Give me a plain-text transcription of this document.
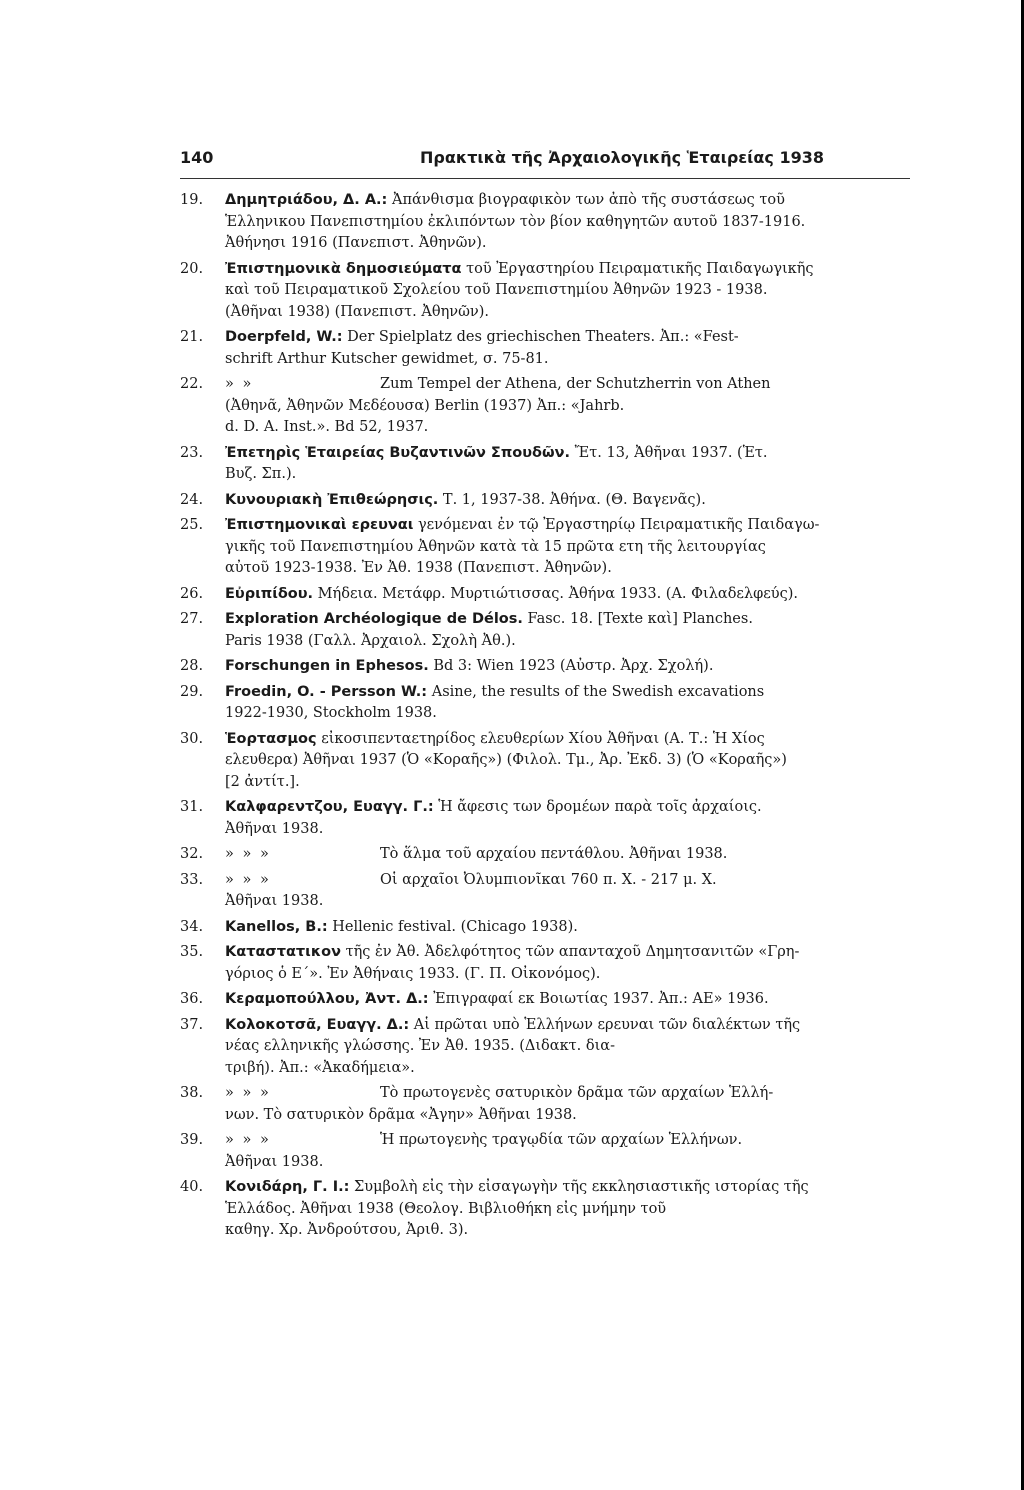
140	Πρακτικὰ τῆς Ἀρχαιολογικῆς Ἑταιρείας 1938
19.	Δημητριάδου, Δ. Α.: Ἀπάνθισμα βιογραφικὸν των ἀπὸ τῆς συστάσεως τοῦ
Ἑλληνικου Πανεπιστημίου ἐκλιπόντων τὸν βίον καθηγητῶν αυτοῦ 1837-1916.
Ἀθήνησι 1916 (Πανεπιστ. Ἀθηνῶν).
20.	Ἐπιστημονικὰ δημοσιεύματα τοῦ Ἐργαστηρίου Πειραματικῆς Παιδαγωγικῆς
καὶ τοῦ Πειραματικοῦ Σχολείου τοῦ Πανεπιστημίου Ἀθηνῶν 1923 - 1938.
(Ἀθῆναι 1938) (Πανεπιστ. Ἀθηνῶν).
21.	Doerpfeld, W.: Der Spielplatz des griechischen Theaters. Ἀπ.: «Fest-
schrift Arthur Kutscher gewidmet, σ. 75-81.
22.	» »	Zum Tempel der Athena, der Schutzherrin von Athen
(Ἀθηνᾶ, Ἀθηνῶν Μεδέουσα) Berlin (1937) Ἀπ.: «Jahrb.
d. D. A. Inst.». Bd 52, 1937.
23.	Ἐπετηρὶς Ἑταιρείας Βυζαντινῶν Σπουδῶν. Ἔτ. 13, Ἀθῆναι 1937. (Ἑτ.
Βυζ. Σπ.).
24.	Κυνουριακὴ Ἐπιθεώρησις. Τ. 1, 1937-38. Ἀθήνα. (Θ. Βαγενᾶς).
25.	Ἐπιστημονικαὶ ερευναι γενόμεναι ἐν τῷ Ἐργαστηρίῳ Πειραματικῆς Παιδαγω-
γικῆς τοῦ Πανεπιστημίου Ἀθηνῶν κατὰ τὰ 15 πρῶτα ετη τῆς λειτουργίας
αὐτοῦ 1923-1938. Ἐν Ἀθ. 1938 (Πανεπιστ. Ἀθηνῶν).
26.	Εὐριπίδου. Μήδεια. Μετάφρ. Μυρτιώτισσας. Ἀθήνα 1933. (Α. Φιλαδελφεύς).
27.	Exploration Archéologique de Délos. Fasc. 18. [Texte καὶ] Planches.
Paris 1938 (Γαλλ. Ἀρχαιολ. Σχολὴ Ἀθ.).
28.	Forschungen in Ephesos. Bd 3: Wien 1923 (Αὐστρ. Ἀρχ. Σχολή).
29.	Froedin, O. - Persson W.: Asine, the results of the Swedish excavations
1922-1930, Stockholm 1938.
30.	Ἑορτασμος εἰκοσιπενταετηρίδος ελευθερίων Χίου Ἀθῆναι (Α. Τ.: Ἡ Χίος
ελευθερα) Ἀθῆναι 1937 (Ὁ «Κοραῆς») (Φιλολ. Τμ., Ἀρ. Ἐκδ. 3) (Ὁ «Κοραῆς»)
[2 ἀντίτ.].
31.	Καλφαρεντζου, Ευαγγ. Γ.: Ἡ ἄφεσις των δρομέων παρὰ τοῖς ἀρχαίοις.
Ἀθῆναι 1938.
32.	» » »	Τὸ ἅλμα τοῦ αρχαίου πεντάθλου. Ἀθῆναι 1938.
33.	» » »	Οἱ αρχαῖοι Ὀλυμπιονῖκαι 760 π. Χ. - 217 μ. Χ.
Ἀθῆναι 1938.
34.	Kanellos, B.: Hellenic festival. (Chicago 1938).
35.	Καταστατικον τῆς ἐν Ἀθ. Ἀδελφότητος τῶν απανταχοῦ Δημητσανιτῶν «Γρη-
γόριος ὁ Ε΄». Ἐν Ἀθήναις 1933. (Γ. Π. Οἰκονόμος).
36.	Κεραμοπούλλου, Ἀντ. Δ.: Ἐπιγραφαί εκ Βοιωτίας 1937. Ἀπ.: ΑΕ» 1936.
37.	Κολοκοτσᾶ, Ευαγγ. Δ.: Αἱ πρῶται υπὸ Ἑλλήνων ερευναι τῶν διαλέκτων τῆς
νέας ελληνικῆς γλώσσης. Ἐν Ἀθ. 1935. (Διδακτ. δια-
τριβή). Ἀπ.: «Ἀκαδήμεια».
38.	» » »	Τὸ πρωτογενὲς σατυρικὸν δρᾶμα τῶν αρχαίων Ἑλλή-
νων. Τὸ σατυρικὸν δρᾶμα «Ἀγην» Ἀθῆναι 1938.
39.	» » »	Ἡ πρωτογενὴς τραγῳδία τῶν αρχαίων Ἑλλήνων.
Ἀθῆναι 1938.
40.	Κονιδάρη, Γ. Ι.: Συμβολὴ εἰς τὴν εἰσαγωγὴν τῆς εκκλησιαστικῆς ιστορίας τῆς
Ἑλλάδος. Ἀθῆναι 1938 (Θεολογ. Βιβλιοθήκη εἰς μνήμην τοῦ
καθηγ. Χρ. Ἀνδρούτσου, Ἀριθ. 3).
